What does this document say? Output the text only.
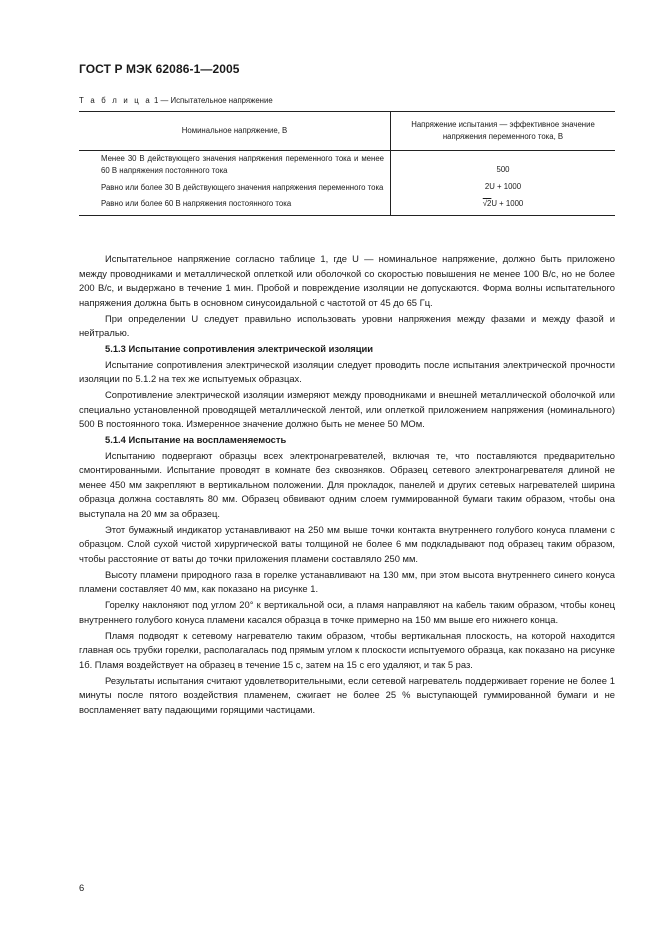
ГОСТ Р МЭК 62086-1—2005
Т а б л и ц а 1 — Испытательное напряжение
Номинальное напряжение, В	Напряжение испытания — эффективное значение
напряжения переменного тока, В

Менее 30 В действующего значения напряжения переменного тока и менее 60 В напряжения постоянного тока	500

Равно или более 30 В действующего значения напряжения переменного тока	2U + 1000

Равно или более 60 В напряжения постоянного тока	√2U + 1000

Испытательное напряжение согласно таблице 1, где U — номинальное напряжение, должно быть приложено между проводниками и металлической оплеткой или оболочкой со скоростью повышения не менее 100 В/с, но не более 200 В/с, и выдержано в течение 1 мин. Пробой и повреждение изоляции не допускаются. Форма волны испытательного напряжения должна быть в основном синусоидальной с частотой от 45 до 65 Гц.

При определении U следует правильно использовать уровни напряжения между фазами и между фазой и нейтралью.

5.1.3 Испытание сопротивления электрической изоляции

Испытание сопротивления электрической изоляции следует проводить после испытания электрической прочности изоляции по 5.1.2 на тех же испытуемых образцах.

Сопротивление электрической изоляции измеряют между проводниками и внешней металлической оболочкой или специально установленной проводящей металлической лентой, или оплеткой приложением напряжения (номинального) 500 В постоянного тока. Измеренное значение должно быть не менее 50 МОм.

5.1.4 Испытание на воспламеняемость

Испытанию подвергают образцы всех электронагревателей, включая те, что поставляются предварительно смонтированными. Испытание проводят в комнате без сквозняков. Образец сетевого электронагревателя длиной не менее 450 мм закрепляют в вертикальном положении. Для прокладок, панелей и других сетевых нагревателей ширина образца должна составлять 80 мм. Образец обвивают одним слоем гуммированной бумаги таким образом, чтобы она выступала на 20 мм за образец.

Этот бумажный индикатор устанавливают на 250 мм выше точки контакта внутреннего голубого конуса пламени с образцом. Слой сухой чистой хирургической ваты толщиной не более 6 мм подкладывают под образец таким образом, чтобы расстояние от ваты до точки приложения пламени составляло 250 мм.

Высоту пламени природного газа в горелке устанавливают на 130 мм, при этом высота внутреннего синего конуса пламени составляет 40 мм, как показано на рисунке 1.

Горелку наклоняют под углом 20° к вертикальной оси, а пламя направляют на кабель таким образом, чтобы конец внутреннего голубого конуса пламени касался образца в точке примерно на 150 мм выше его нижнего конца.

Пламя подводят к сетевому нагревателю таким образом, чтобы вертикальная плоскость, на которой находится главная ось трубки горелки, располагалась под прямым углом к плоскости испытуемого образца, как показано на рисунке 1б. Пламя воздействует на образец в течение 15 с, затем на 15 с его удаляют, и так 5 раз.

Результаты испытания считают удовлетворительными, если сетевой нагреватель поддерживает горение не более 1 минуты после пятого воздействия пламенем, сжигает не более 25 % выступающей гуммированной бумаги и не воспламеняет вату падающими горящими частицами.

6
